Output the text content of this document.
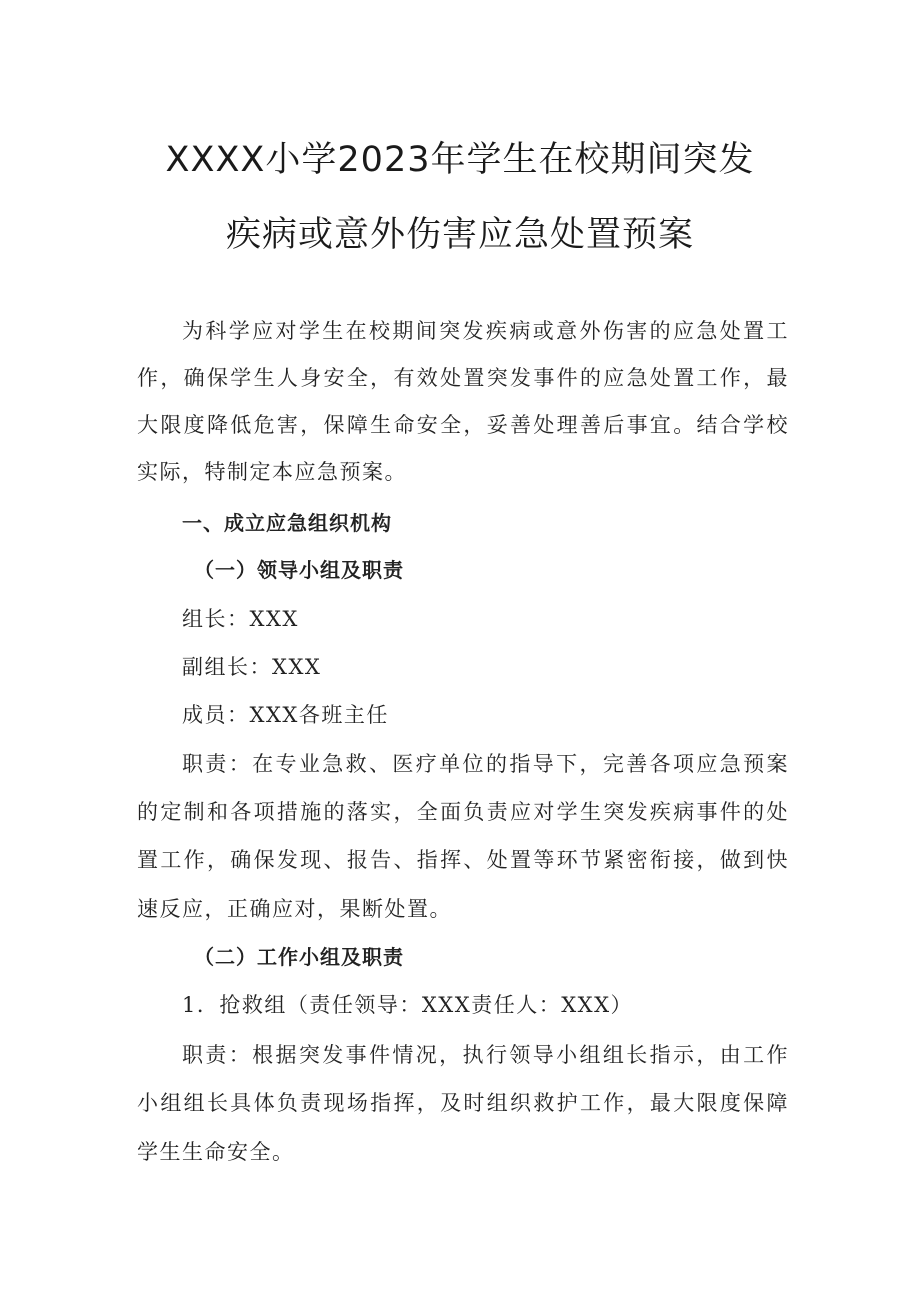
XXXX小学2023年学生在校期间突发
疾病或意外伤害应急处置预案
为科学应对学生在校期间突发疾病或意外伤害的应急处置工
作，确保学生人身安全，有效处置突发事件的应急处置工作，最
大限度降低危害，保障生命安全，妥善处理善后事宜。结合学校
实际，特制定本应急预案。
一、成立应急组织机构
（一）领导小组及职责
组长：XXX
副组长：XXX
成员：XXX各班主任
职责：在专业急救、医疗单位的指导下，完善各项应急预案
的定制和各项措施的落实，全面负责应对学生突发疾病事件的处
置工作，确保发现、报告、指挥、处置等环节紧密衔接，做到快
速反应，正确应对，果断处置。
（二）工作小组及职责
1．抢救组（责任领导：XXX责任人：XXX）
职责：根据突发事件情况，执行领导小组组长指示，由工作
小组组长具体负责现场指挥，及时组织救护工作，最大限度保障
学生生命安全。
